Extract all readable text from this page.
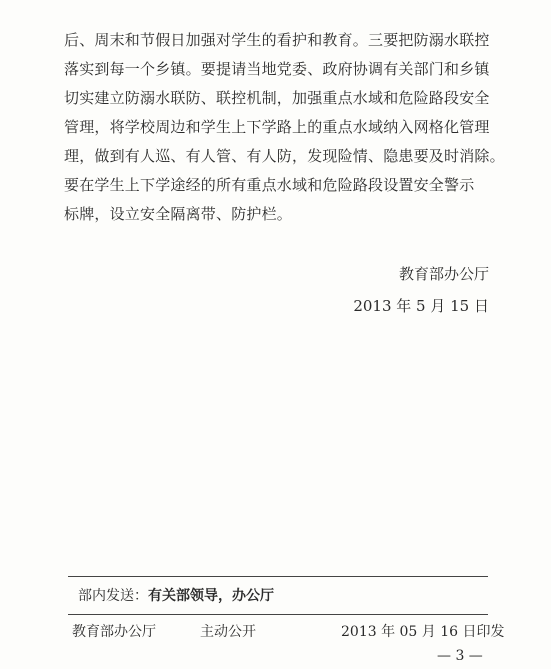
后、周末和节假日加强对学生的看护和教育。三要把防溺水联控
落实到每一个乡镇。要提请当地党委、政府协调有关部门和乡镇
切实建立防溺水联防、联控机制，加强重点水域和危险路段安全
管理，将学校周边和学生上下学路上的重点水域纳入网格化管理
理，做到有人巡、有人管、有人防，发现险情、隐患要及时消除。
要在学生上下学途经的所有重点水域和危险路段设置安全警示
标牌，设立安全隔离带、防护栏。
教育部办公厅
2013 年 5 月 15 日
部内发送：有关部领导，办公厅
教育部办公厅	主动公开	2013 年 05 月 16 日印发
— 3 —
